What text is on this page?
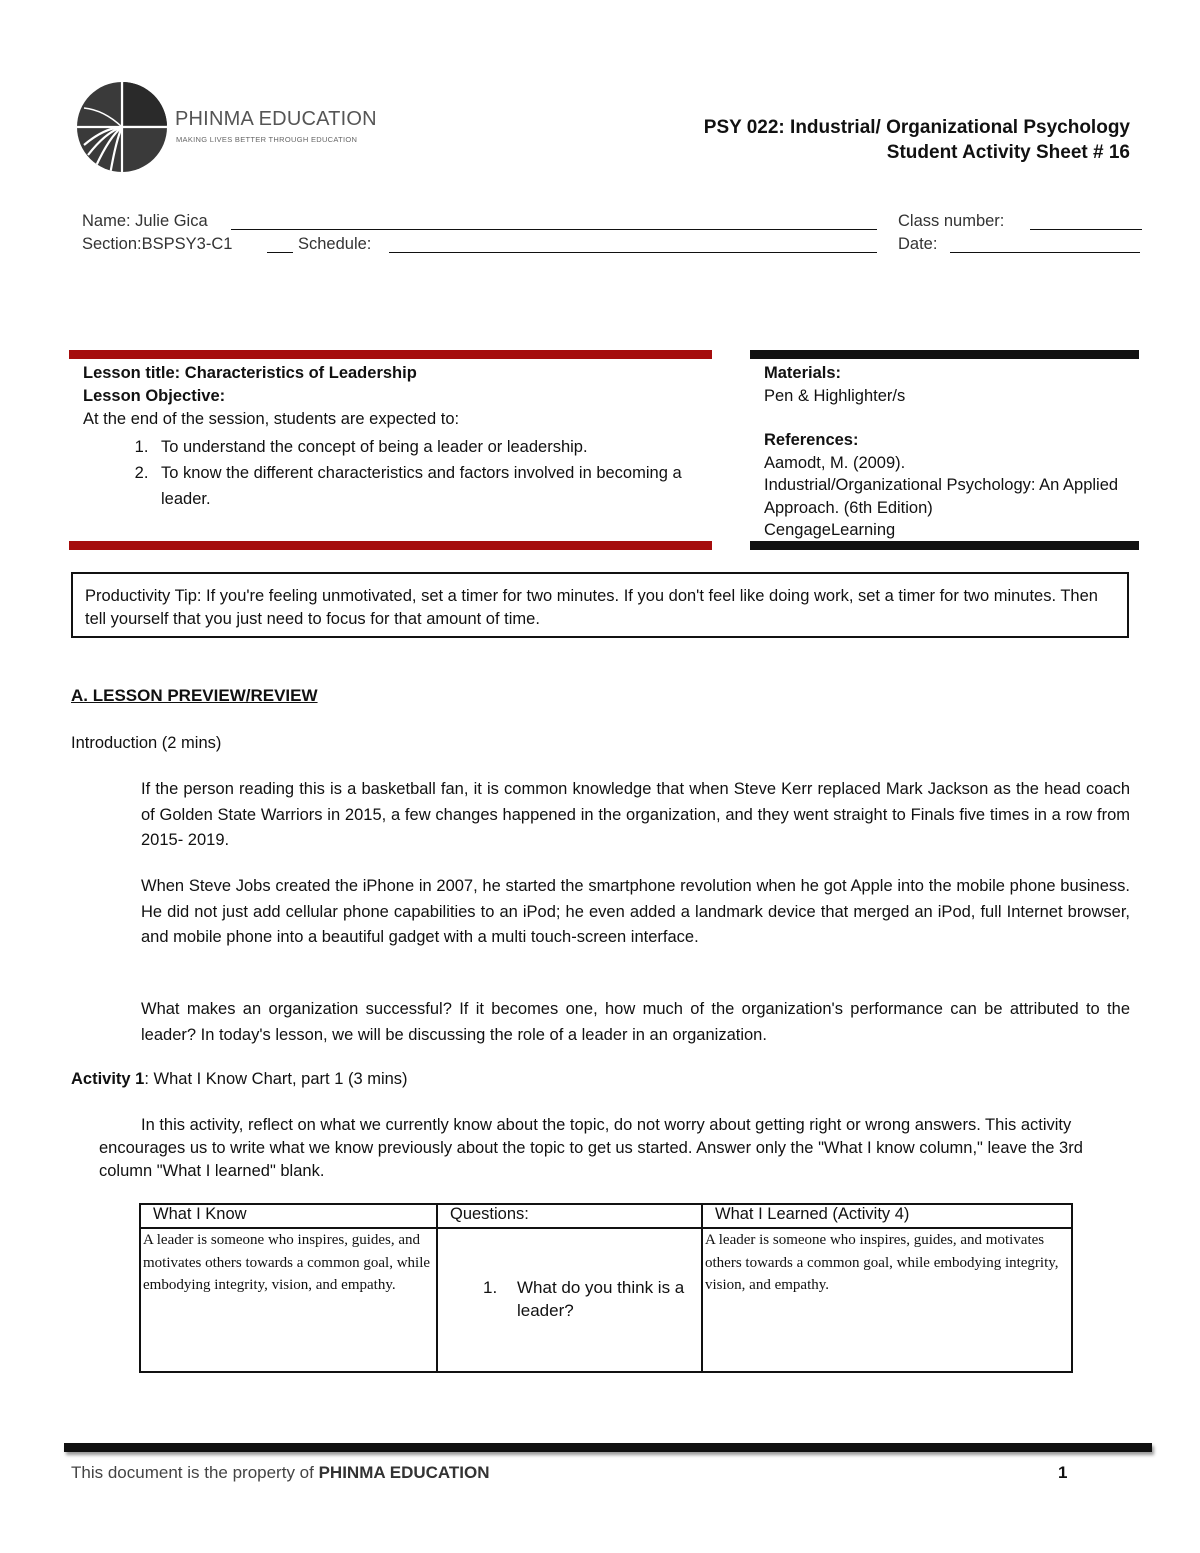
PHINMA EDUCATION
MAKING LIVES BETTER THROUGH EDUCATION
PSY 022: Industrial/ Organizational Psychology
Student Activity Sheet # 16
Name: Julie Gica	Class number:
Section:BSPSY3-C1	Schedule:	Date:
Lesson title: Characteristics of Leadership
Lesson Objective:
At the end of the session, students are expected to:
1. To understand the concept of being a leader or leadership.
2. To know the different characteristics and factors involved in becoming a leader.
Materials:
Pen & Highlighter/s
References:
Aamodt, M. (2009).
Industrial/Organizational Psychology: An Applied Approach. (6th Edition)
CengageLearning
Productivity Tip: If you're feeling unmotivated, set a timer for two minutes. If you don't feel like doing work, set a timer for two minutes. Then tell yourself that you just need to focus for that amount of time.
A. LESSON PREVIEW/REVIEW
Introduction (2 mins)
If the person reading this is a basketball fan, it is common knowledge that when Steve Kerr replaced Mark Jackson as the head coach of Golden State Warriors in 2015, a few changes happened in the organization, and they went straight to Finals five times in a row from 2015- 2019.
When Steve Jobs created the iPhone in 2007, he started the smartphone revolution when he got Apple into the mobile phone business. He did not just add cellular phone capabilities to an iPod; he even added a landmark device that merged an iPod, full Internet browser, and mobile phone into a beautiful gadget with a multi touch-screen interface.
What makes an organization successful? If it becomes one, how much of the organization's performance can be attributed to the leader? In today's lesson, we will be discussing the role of a leader in an organization.
Activity 1: What I Know Chart, part 1 (3 mins)
In this activity, reflect on what we currently know about the topic, do not worry about getting right or wrong answers. This activity encourages us to write what we know previously about the topic to get us started. Answer only the "What I know column," leave the 3rd column "What I learned" blank.
What I Know	Questions:	What I Learned (Activity 4)
A leader is someone who inspires, guides, and motivates others towards a common goal, while embodying integrity, vision, and empathy.	1. What do you think is a leader?	A leader is someone who inspires, guides, and motivates others towards a common goal, while embodying integrity, vision, and empathy.
This document is the property of PHINMA EDUCATION	1
